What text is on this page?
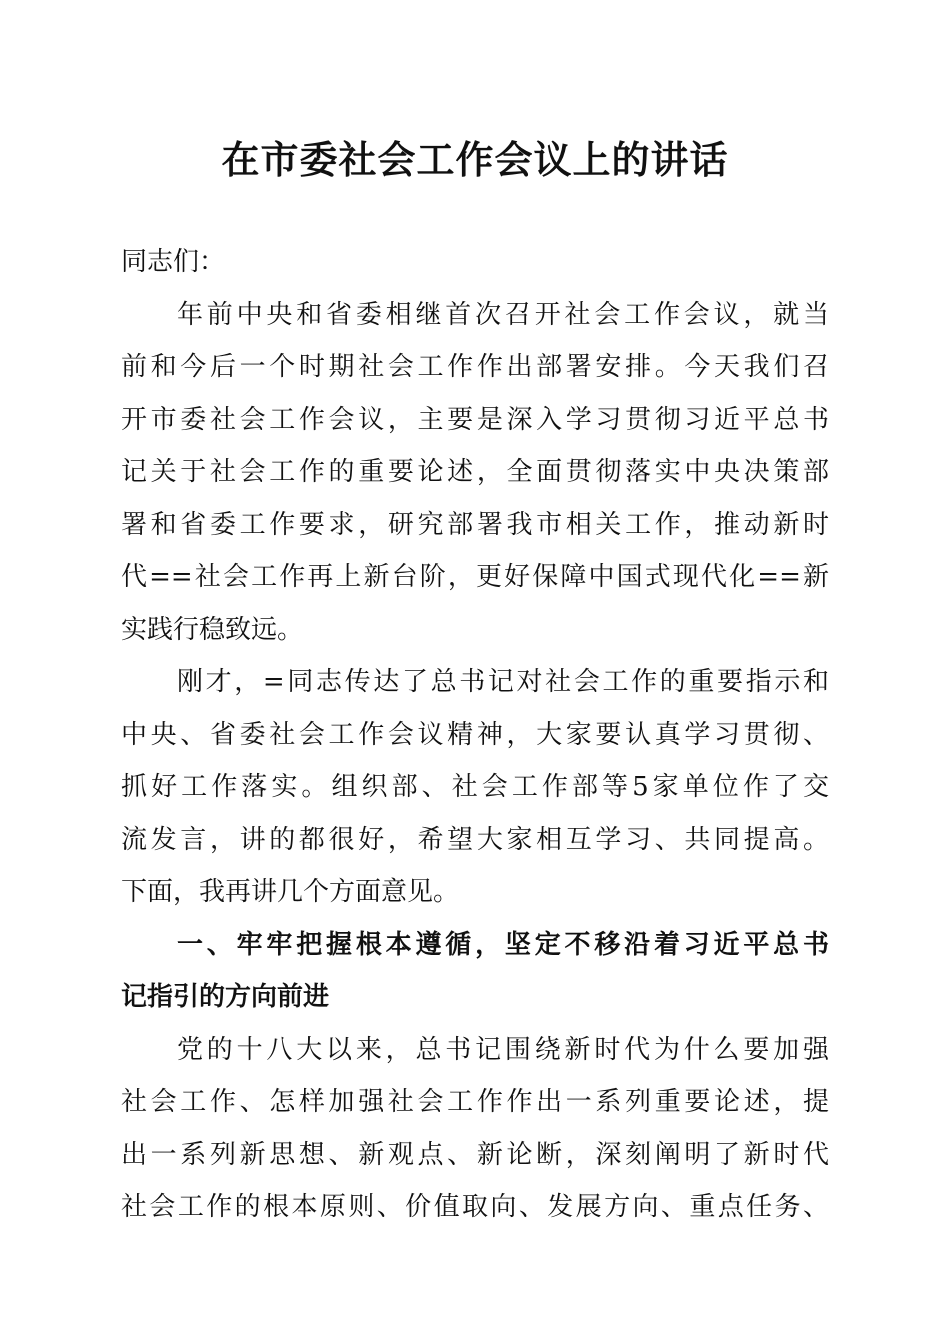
在市委社会工作会议上的讲话
同志们：
年前中央和省委相继首次召开社会工作会议，就当
前和今后一个时期社会工作作出部署安排。今天我们召
开市委社会工作会议，主要是深入学习贯彻习近平总书
记关于社会工作的重要论述，全面贯彻落实中央决策部
署和省委工作要求，研究部署我市相关工作，推动新时
代==社会工作再上新台阶，更好保障中国式现代化==新
实践行稳致远。
刚才，=同志传达了总书记对社会工作的重要指示和
中央、省委社会工作会议精神，大家要认真学习贯彻、
抓好工作落实。组织部、社会工作部等5家单位作了交
流发言，讲的都很好，希望大家相互学习、共同提高。
下面，我再讲几个方面意见。
一、牢牢把握根本遵循，坚定不移沿着习近平总书
记指引的方向前进
党的十八大以来，总书记围绕新时代为什么要加强
社会工作、怎样加强社会工作作出一系列重要论述，提
出一系列新思想、新观点、新论断，深刻阐明了新时代
社会工作的根本原则、价值取向、发展方向、重点任务、
